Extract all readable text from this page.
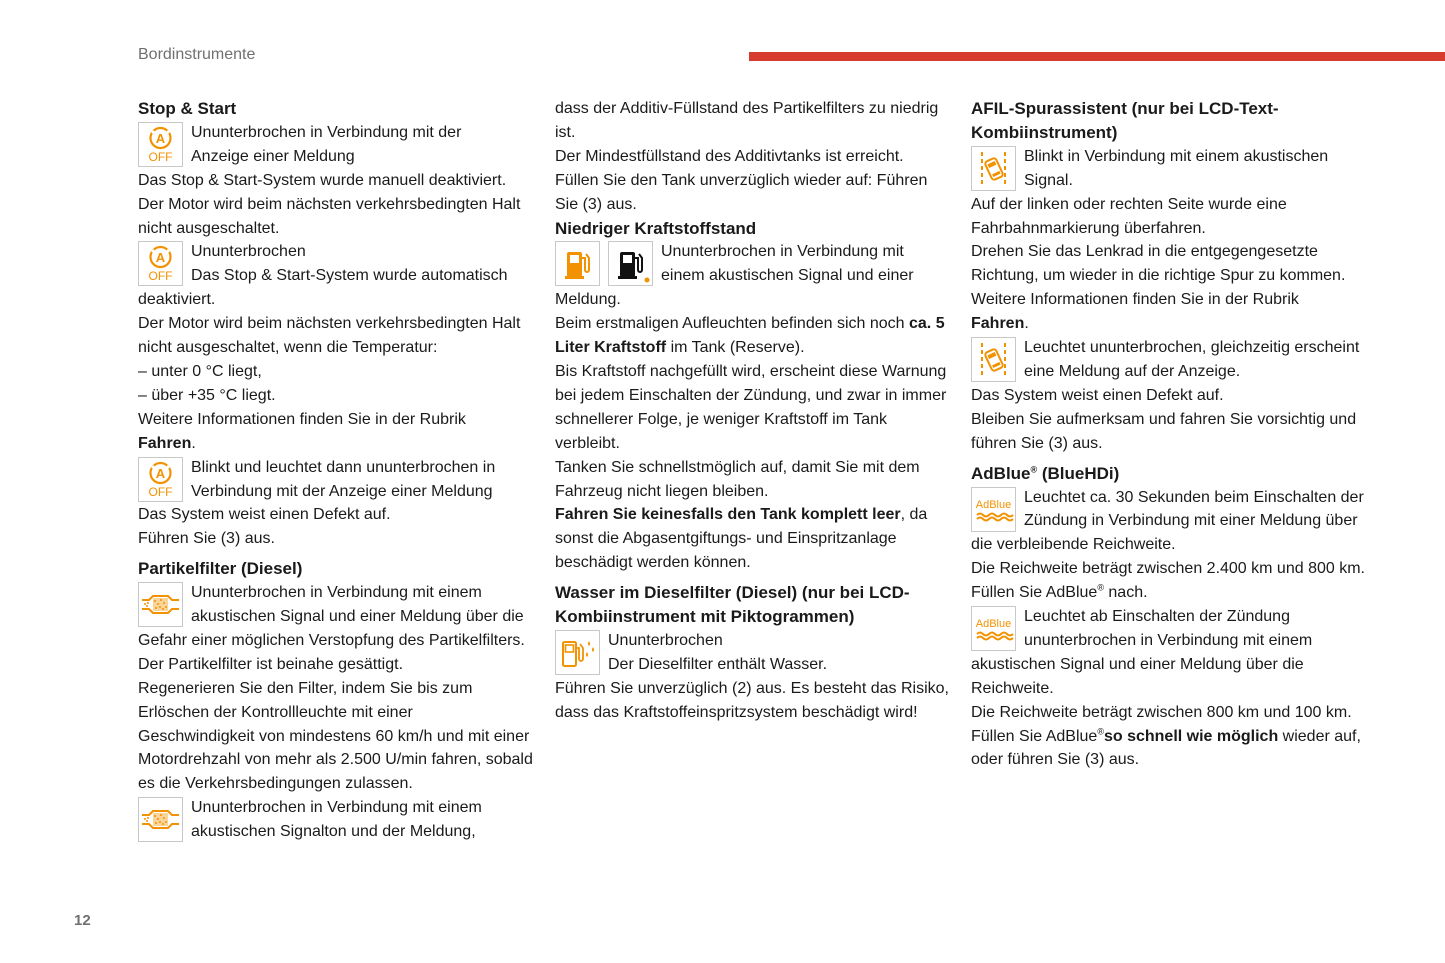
Bordinstrumente
12
Stop & Start
A
OFF
Ununterbrochen in Verbindung mit der
Anzeige einer Meldung

Das Stop & Start-System wurde manuell deaktiviert.

Der Motor wird beim nächsten verkehrsbedingten Halt nicht ausgeschaltet.

A
OFF
Ununterbrochen
Das Stop & Start-System wurde automatisch deaktiviert.

Der Motor wird beim nächsten verkehrsbedingten Halt nicht ausgeschaltet, wenn die Temperatur:

– unter 0 °C liegt,

– über +35 °C liegt.

Weitere Informationen finden Sie in der Rubrik
Fahren.

A
OFF
Blinkt und leuchtet dann ununterbrochen in
Verbindung mit der Anzeige einer Meldung

Das System weist einen Defekt auf.

Führen Sie (3) aus.

Partikelfilter (Diesel)
Ununterbrochen in Verbindung mit einem
akustischen Signal und einer Meldung über die Gefahr einer möglichen Verstopfung des Partikelfilters.

Der Partikelfilter ist beinahe gesättigt.

Regenerieren Sie den Filter, indem Sie bis zum Erlöschen der Kontrollleuchte mit einer Geschwindigkeit von mindestens 60 km/h und mit einer Motordrehzahl von mehr als 2.500 U/min fahren, sobald es die Verkehrsbedingungen zulassen.

Ununterbrochen in Verbindung mit einem
akustischen Signalton und der Meldung,

dass der Additiv-Füllstand des Partikelfilters zu niedrig ist.

Der Mindestfüllstand des Additivtanks ist erreicht.

Füllen Sie den Tank unverzüglich wieder auf: Führen Sie (3) aus.

Niedriger Kraftstoffstand
Ununterbrochen in Verbindung mit einem akustischen Signal und einer Meldung.

Beim erstmaligen Aufleuchten befinden sich noch ca. 5 Liter Kraftstoff im Tank (Reserve).

Bis Kraftstoff nachgefüllt wird, erscheint diese Warnung bei jedem Einschalten der Zündung, und zwar in immer schnellerer Folge, je weniger Kraftstoff im Tank verbleibt.

Tanken Sie schnellstmöglich auf, damit Sie mit dem Fahrzeug nicht liegen bleiben.

Fahren Sie keinesfalls den Tank komplett leer, da sonst die Abgasentgiftungs- und Einspritzanlage beschädigt werden können.

Wasser im Dieselfilter (Diesel) (nur bei LCD-Kombiinstrument mit Piktogrammen)
Ununterbrochen
Der Dieselfilter enthält Wasser.

Führen Sie unverzüglich (2) aus. Es besteht das Risiko, dass das Kraftstoffeinspritzsystem beschädigt wird!

AFIL-Spurassistent (nur bei LCD-Text-Kombiinstrument)
Blinkt in Verbindung mit einem akustischen Signal.

Auf der linken oder rechten Seite wurde eine Fahrbahnmarkierung überfahren.

Drehen Sie das Lenkrad in die entgegengesetzte Richtung, um wieder in die richtige Spur zu kommen.

Weitere Informationen finden Sie in der Rubrik
Fahren.

Leuchtet ununterbrochen, gleichzeitig erscheint eine Meldung auf der Anzeige.

Das System weist einen Defekt auf.

Bleiben Sie aufmerksam und fahren Sie vorsichtig und führen Sie (3) aus.

AdBlue® (BlueHDi)
AdBlue Leuchtet ca. 30 Sekunden beim Einschalten der Zündung in Verbindung mit einer Meldung über die verbleibende Reichweite.

Die Reichweite beträgt zwischen 2.400 km und 800 km.

Füllen Sie AdBlue® nach.

AdBlue Leuchtet ab Einschalten der Zündung ununterbrochen in Verbindung mit einem akustischen Signal und einer Meldung über die Reichweite.

Die Reichweite beträgt zwischen 800 km und 100 km.

Füllen Sie AdBlue®so schnell wie möglich wieder auf, oder führen Sie (3) aus.
